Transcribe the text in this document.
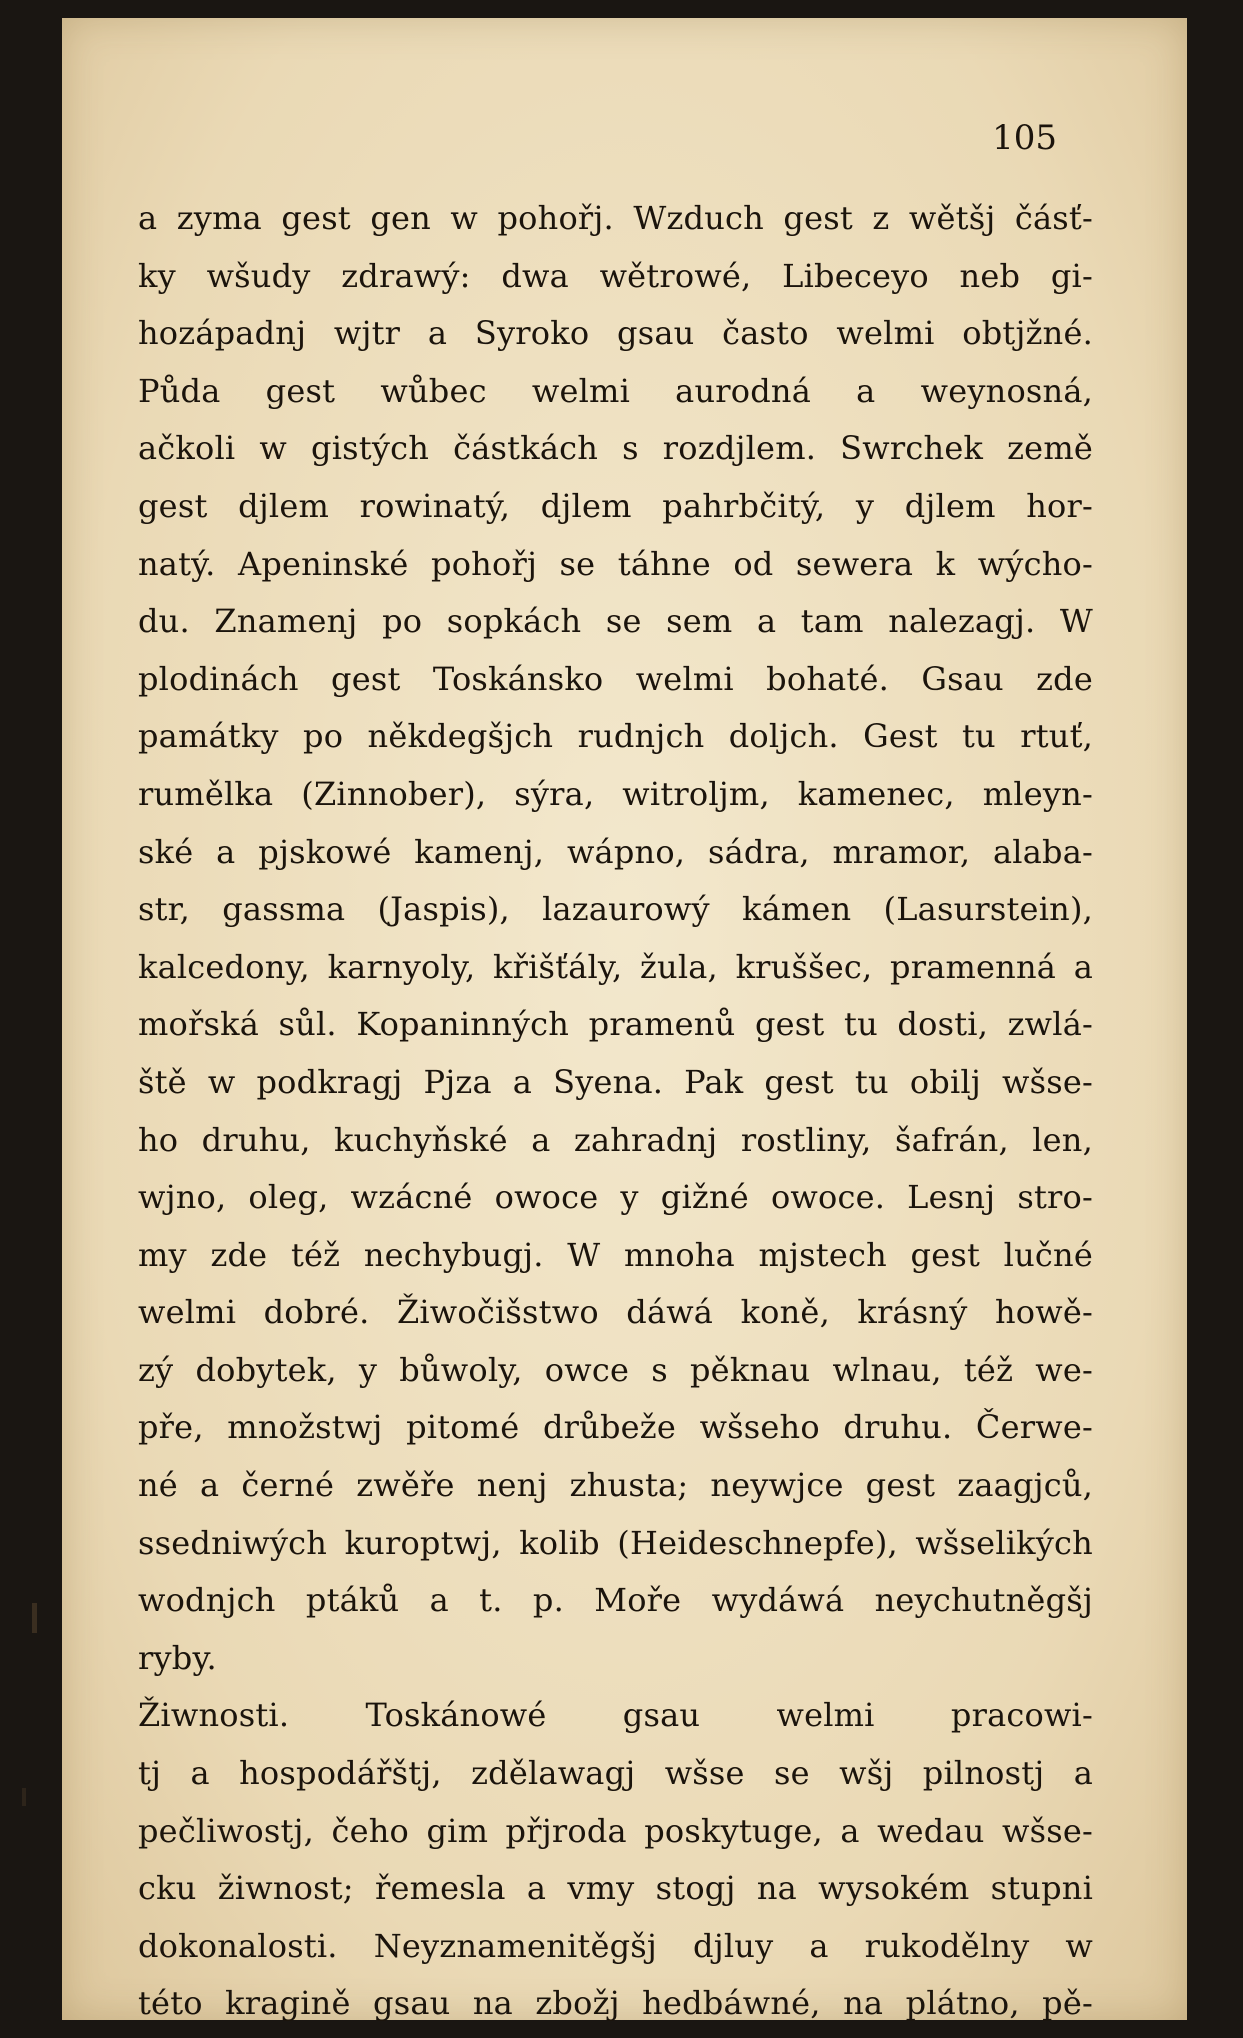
105
a zyma gest gen w pohořj. Wzduch gest z wětšj čásť-
ky wšudy zdrawý: dwa wětrowé, Libeceyo neb gi-
hozápadnj wjtr a Syroko gsau často welmi obtjžné.
Půda gest wůbec welmi aurodná a weynosná,
ačkoli w gistých částkách s rozdjlem. Swrchek země
gest djlem rowinatý, djlem pahrbčitý, y djlem hor-
natý. Apeninské pohořj se táhne od sewera k wýcho-
du. Znamenj po sopkách se sem a tam nalezagj. W
plodinách gest Toskánsko welmi bohaté. Gsau zde
památky po někdegšjch rudnjch doljch. Gest tu rtuť,
rumělka (Zinnober), sýra, witroljm, kamenec, mleyn-
ské a pjskowé kamenj, wápno, sádra, mramor, alaba-
str, gassma (Jaspis), lazaurowý kámen (Lasurstein),
kalcedony, karnyoly, křišťály, žula, kruššec, pramenná a
mořská sůl. Kopaninných pramenů gest tu dosti, zwlá-
ště w podkragj Pjza a Syena. Pak gest tu obilj wšse-
ho druhu, kuchyňské a zahradnj rostliny, šafrán, len,
wjno, oleg, wzácné owoce y gižné owoce. Lesnj stro-
my zde též nechybugj. W mnoha mjstech gest lučné
welmi dobré. Žiwočišstwo dáwá koně, krásný howě-
zý dobytek, y bůwoly, owce s pěknau wlnau, též we-
pře, množstwj pitomé drůbeže wšseho druhu. Čerwe-
né a černé zwěře nenj zhusta; neywjce gest zaagjců,
ssedniwých kuroptwj, kolib (Heideschnepfe), wšselikých
wodnjch ptáků a t. p. Moře wydáwá neychutněgšj
ryby.
Žiwnosti. Toskánowé gsau welmi pracowi-
tj a hospodářštj, zdělawagj wšse se wšj pilnostj a
pečliwostj, čeho gim přjroda poskytuge, a wedau wšse-
cku žiwnost; řemesla a vmy stogj na wysokém stupni
dokonalosti. Neyznamenitěgšj djluy a rukodělny w
této kragině gsau na zbožj hedbáwné, na plátno, pě-
